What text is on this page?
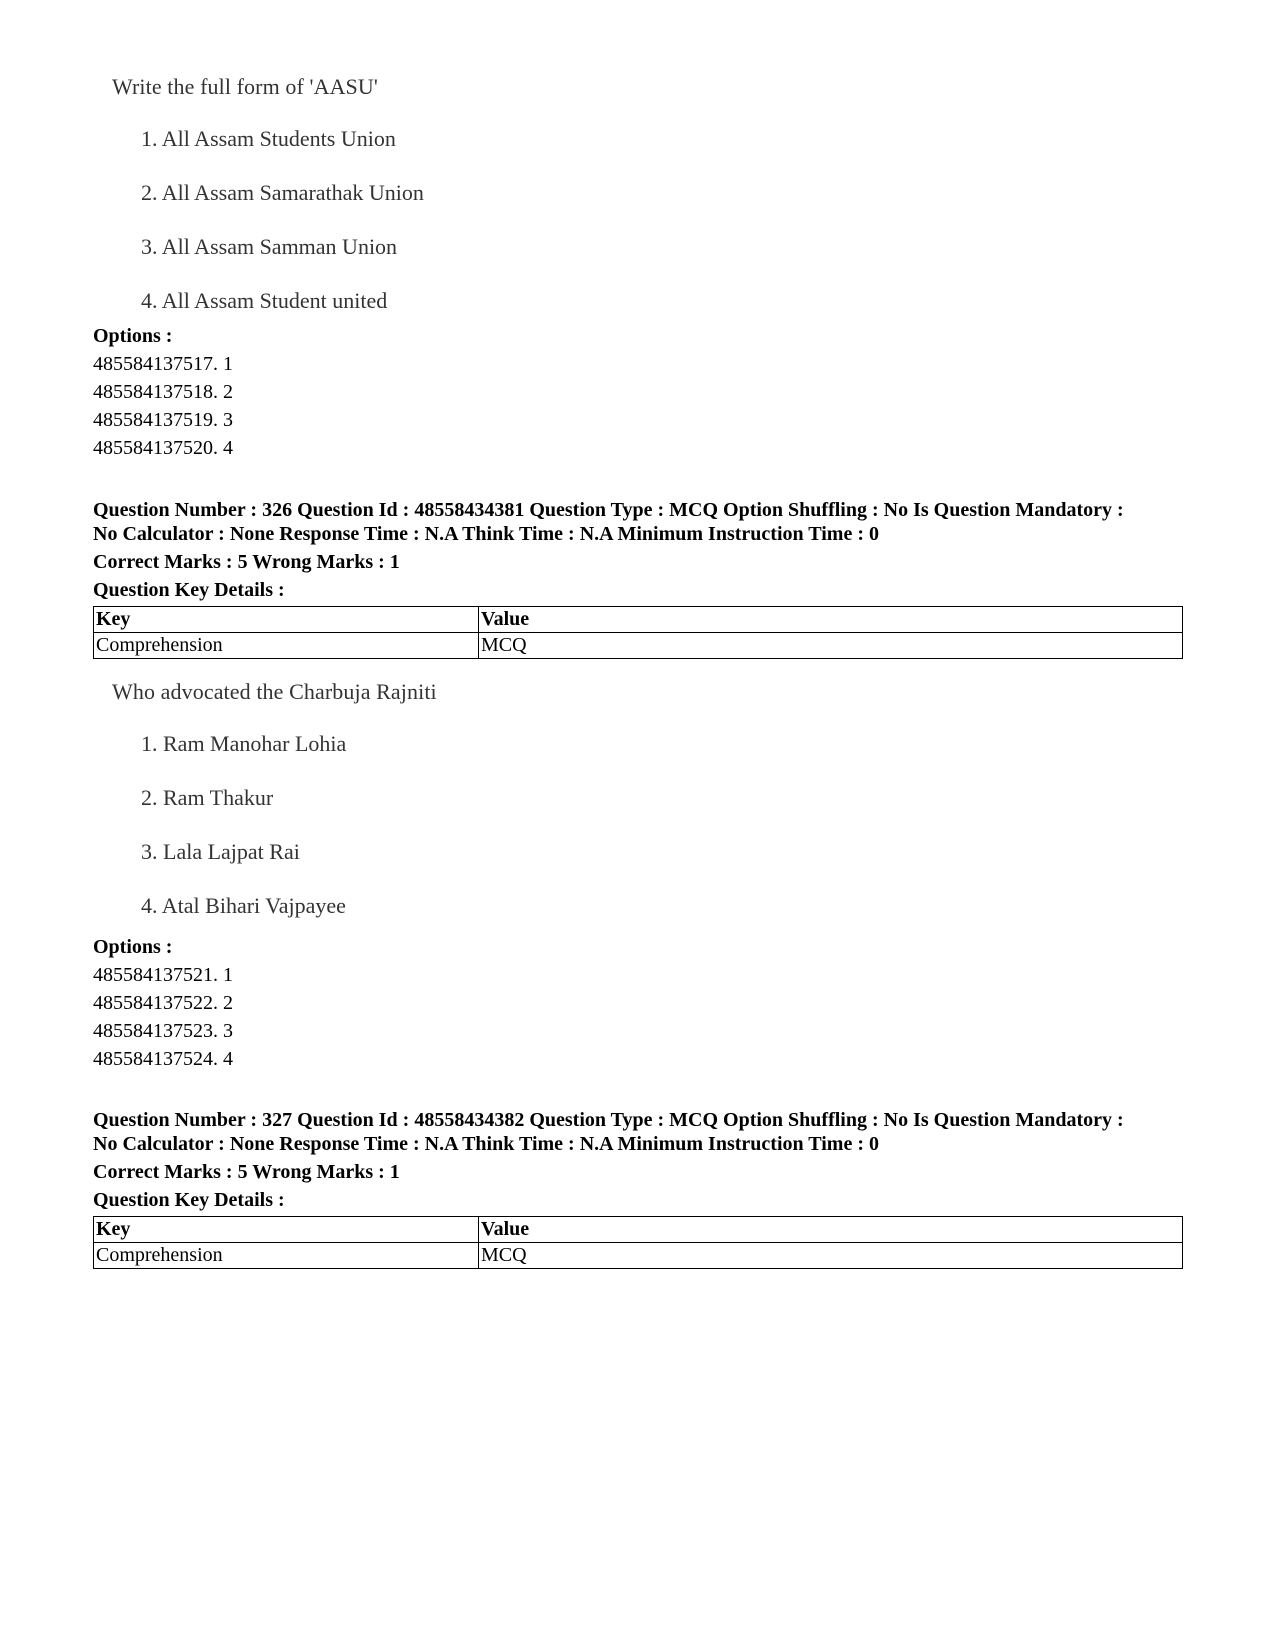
Write the full form of 'AASU'

1. All Assam Students Union

2. All Assam Samarathak Union

3. All Assam Samman Union

4. All Assam Student united

Options :
485584137517. 1
485584137518. 2
485584137519. 3
485584137520. 4
Question Number : 326 Question Id : 48558434381 Question Type : MCQ Option Shuffling : No Is Question Mandatory :
No Calculator : None Response Time : N.A Think Time : N.A Minimum Instruction Time : 0
Correct Marks : 5 Wrong Marks : 1
Question Key Details :
Key	Value
Comprehension	MCQ

Who advocated the Charbuja Rajniti

1. Ram Manohar Lohia

2. Ram Thakur

3. Lala Lajpat Rai

4. Atal Bihari Vajpayee

Options :
485584137521. 1
485584137522. 2
485584137523. 3
485584137524. 4
Question Number : 327 Question Id : 48558434382 Question Type : MCQ Option Shuffling : No Is Question Mandatory :
No Calculator : None Response Time : N.A Think Time : N.A Minimum Instruction Time : 0
Correct Marks : 5 Wrong Marks : 1
Question Key Details :
Key	Value
Comprehension	MCQ
